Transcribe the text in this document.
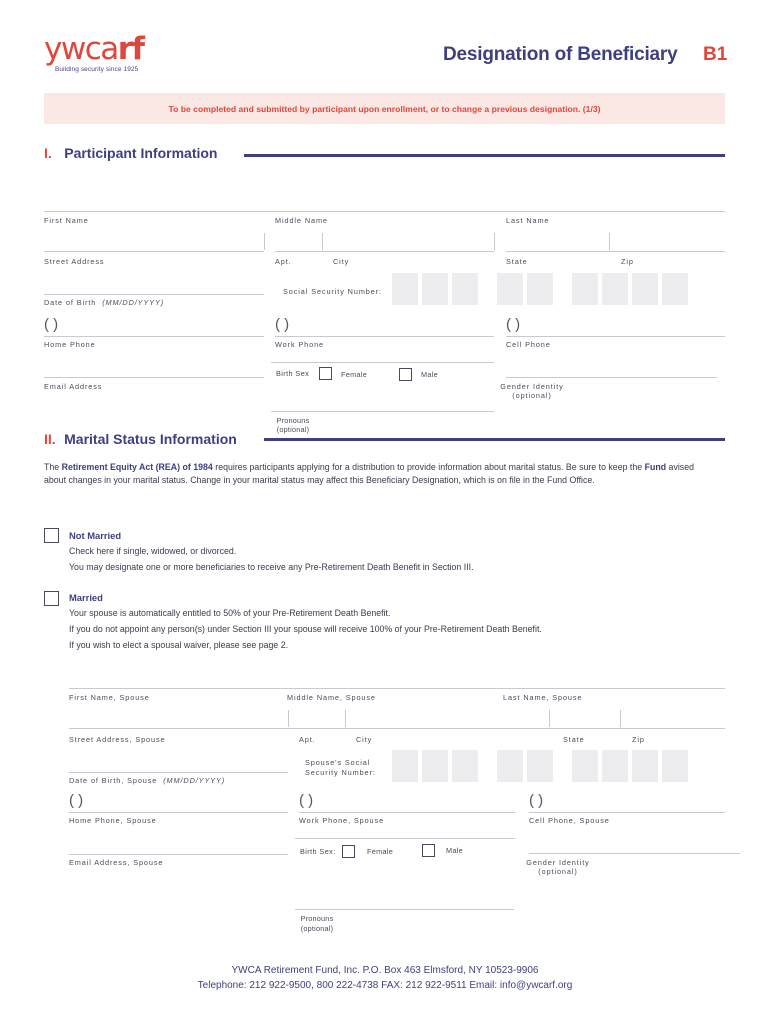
ywcarf
Building security since 1925
Designation of Beneficiary B1
To be completed and submitted by participant upon enrollment, or to change a previous designation. (1/3)
I. Participant Information
First Name	Middle Name	Last Name
Street Address	Apt.	City	State	Zip
Social Security Number:
Date of Birth (MM/DD/YYYY)
( )	( )	( )
Home Phone	Work Phone	Cell Phone
Birth Sex	Female	Male
Email Address	Gender Identity
(optional)
Pronouns
(optional)
II. Marital Status Information
The Retirement Equity Act (REA) of 1984 requires participants applying for a distribution to provide information about marital status. Be sure to keep the Fund avised about changes in your marital status. Change in your marital status may affect this Beneficiary Designation, which is on file in the Fund Office.
Not Married
Check here if single, widowed, or divorced.
You may designate one or more beneficiaries to receive any Pre-Retirement Death Benefit in Section III.
Married
Your spouse is automatically entitled to 50% of your Pre-Retirement Death Benefit.
If you do not appoint any person(s) under Section III your spouse will receive 100% of your Pre-Retirement Death Benefit.
If you wish to elect a spousal waiver, please see page 2.
First Name, Spouse	Middle Name, Spouse	Last Name, Spouse
Street Address, Spouse	Apt.	City	State	Zip
Spouse's Social
Security Number:
Date of Birth, Spouse (MM/DD/YYYY)
( )	( )	( )
Home Phone, Spouse	Work Phone, Spouse	Cell Phone, Spouse
Birth Sex:	Female	Male
Email Address, Spouse	Gender Identity
(optional)
Pronouns
(optional)
YWCA Retirement Fund, Inc. P.O. Box 463 Elmsford, NY 10523-9906
Telephone: 212 922-9500, 800 222-4738 FAX: 212 922-9511 Email: info@ywcarf.org
